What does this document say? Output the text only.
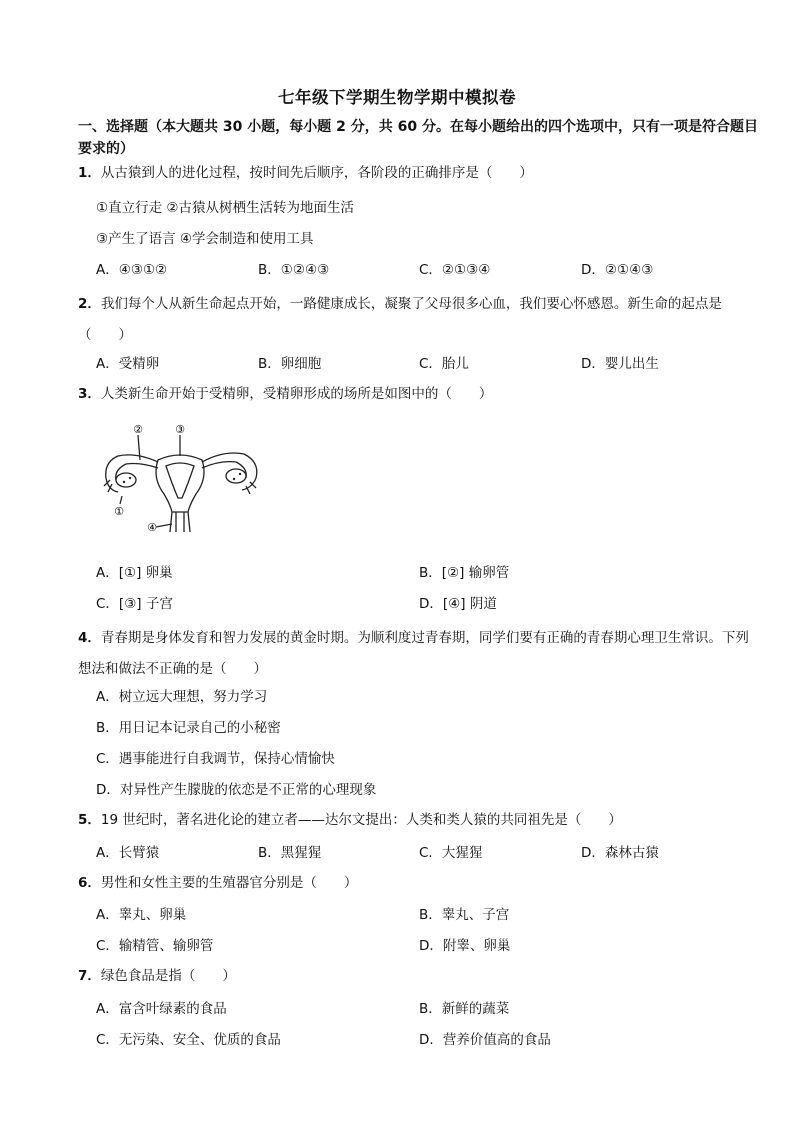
七年级下学期生物学期中模拟卷
一、选择题（本大题共 30 小题，每小题 2 分，共 60 分。在每小题给出的四个选项中，只有一项是符合题目要求的）
1．从古猿到人的进化过程，按时间先后顺序，各阶段的正确排序是（　　）
①直立行走 ②古猿从树栖生活转为地面生活
③产生了语言 ④学会制造和使用工具
A．④③①②	B．①②④③	C．②①③④	D．②①④③
2．我们每个人从新生命起点开始，一路健康成长，凝聚了父母很多心血，我们要心怀感恩。新生命的起点是（　　）
A．受精卵	B．卵细胞	C．胎儿	D．婴儿出生
3．人类新生命开始于受精卵，受精卵形成的场所是如图中的（　　）
②	③
①
④
A．[①] 卵巢	B．[②] 输卵管
C．[③] 子宫	D．[④] 阴道
4．青春期是身体发育和智力发展的黄金时期。为顺利度过青春期，同学们要有正确的青春期心理卫生常识。下列想法和做法不正确的是（　　）
A．树立远大理想，努力学习
B．用日记本记录自己的小秘密
C．遇事能进行自我调节，保持心情愉快
D．对异性产生朦胧的依恋是不正常的心理现象
5．19 世纪时，著名进化论的建立者——达尔文提出：人类和类人猿的共同祖先是（　　）
A．长臂猿	B．黑猩猩	C．大猩猩	D．森林古猿
6．男性和女性主要的生殖器官分别是（　　）
A．睾丸、卵巢	B．睾丸、子宫
C．输精管、输卵管	D．附睾、卵巢
7．绿色食品是指（　　）
A．富含叶绿素的食品	B．新鲜的蔬菜
C．无污染、安全、优质的食品	D．营养价值高的食品
